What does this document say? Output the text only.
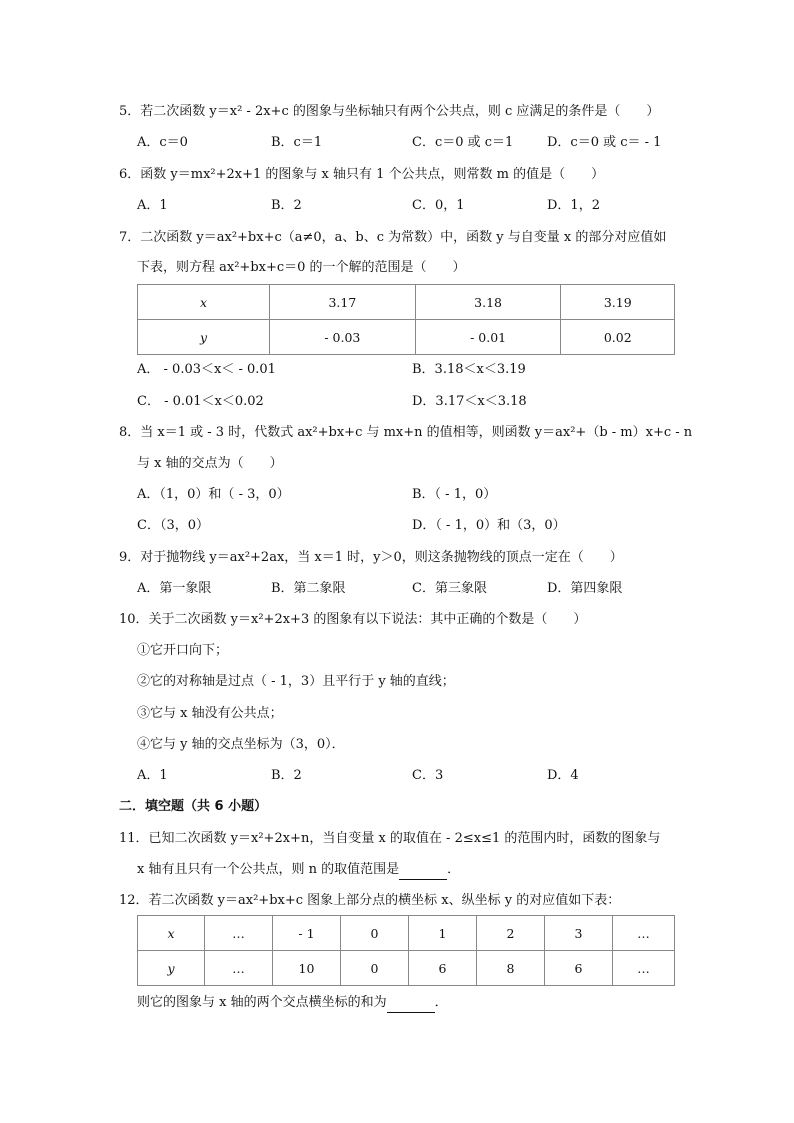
5．若二次函数 y＝x² - 2x+c 的图象与坐标轴只有两个公共点，则 c 应满足的条件是（　　）
A．c＝0	B．c＝1	C．c＝0 或 c＝1	D．c＝0 或 c＝ - 1
6．函数 y＝mx²+2x+1 的图象与 x 轴只有 1 个公共点，则常数 m 的值是（　　）
A．1	B．2	C．0，1	D．1，2
7．二次函数 y＝ax²+bx+c（a≠0，a、b、c 为常数）中，函数 y 与自变量 x 的部分对应值如
下表，则方程 ax²+bx+c＝0 的一个解的范围是（　　）
x	3.17	3.18	3.19
y	- 0.03	- 0.01	0.02
A． - 0.03＜x＜ - 0.01	B．3.18＜x＜3.19
C． - 0.01＜x＜0.02	D．3.17＜x＜3.18
8．当 x＝1 或 - 3 时，代数式 ax²+bx+c 与 mx+n 的值相等，则函数 y＝ax²+（b - m）x+c - n
与 x 轴的交点为（　　）
A．（1，0）和（ - 3，0）	B．（ - 1，0）
C．（3，0）	D．（ - 1，0）和（3，0）
9．对于抛物线 y＝ax²+2ax，当 x＝1 时，y＞0，则这条抛物线的顶点一定在（　　）
A．第一象限	B．第二象限	C．第三象限	D．第四象限
10．关于二次函数 y＝x²+2x+3 的图象有以下说法：其中正确的个数是（　　）
①它开口向下；
②它的对称轴是过点（ - 1，3）且平行于 y 轴的直线；
③它与 x 轴没有公共点；
④它与 y 轴的交点坐标为（3，0）．
A．1	B．2	C．3	D．4
二．填空题（共 6 小题）
11．已知二次函数 y＝x²+2x+n，当自变量 x 的取值在 - 2≤x≤1 的范围内时，函数的图象与
x 轴有且只有一个公共点，则 n 的取值范围是	．
12．若二次函数 y＝ax²+bx+c 图象上部分点的横坐标 x、纵坐标 y 的对应值如下表：
x	…	- 1	0	1	2	3	…
y	…	10	0	6	8	6	…
则它的图象与 x 轴的两个交点横坐标的和为	．
